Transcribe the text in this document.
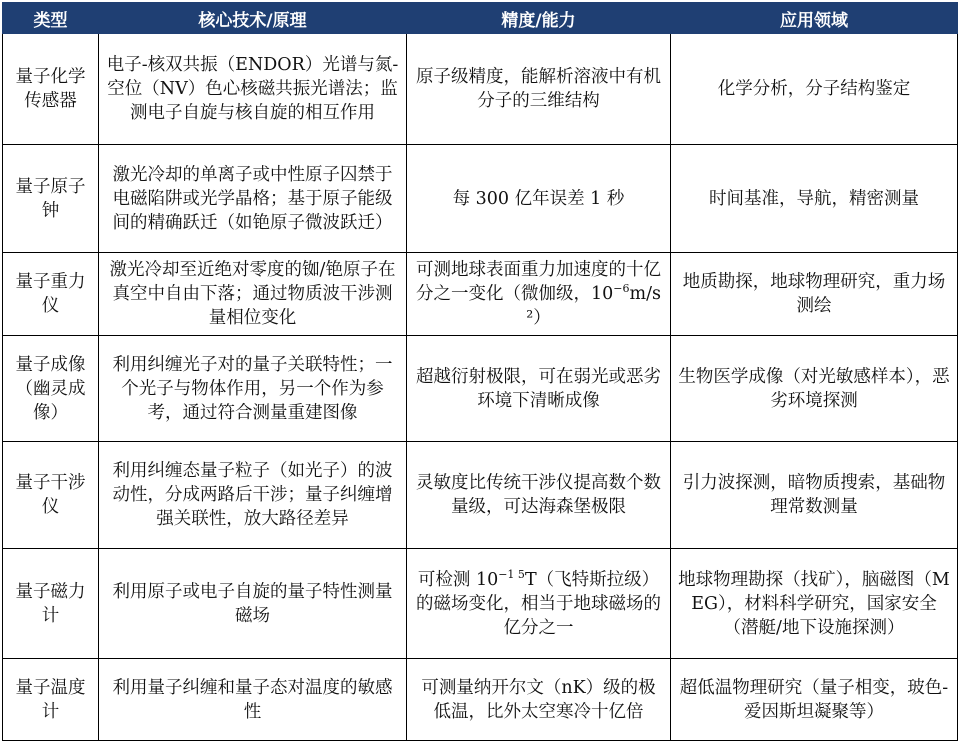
类型	核心技术/原理	精度/能力	应用领域
量子化学传感器	电子-核双共振（ENDOR）光谱与氮-空位（NV）色心核磁共振光谱法；监测电子自旋与核自旋的相互作用	原子级精度，能解析溶液中有机分子的三维结构	化学分析，分子结构鉴定
量子原子钟	激光冷却的单离子或中性原子囚禁于电磁陷阱或光学晶格；基于原子能级间的精确跃迁（如铯原子微波跃迁）	每 300 亿年误差 1 秒	时间基准，导航，精密测量
量子重力仪	激光冷却至近绝对零度的铷/铯原子在真空中自由下落；通过物质波干涉测量相位变化	可测地球表面重力加速度的十亿分之一变化（微伽级，$10^{-6}m/s^2$）	地质勘探，地球物理研究，重力场测绘
量子成像（幽灵成像）	利用纠缠光子对的量子关联特性；一个光子与物体作用，另一个作为参考，通过符合测量重建图像	超越衍射极限，可在弱光或恶劣环境下清晰成像	生物医学成像（对光敏感样本），恶劣环境探测
量子干涉仪	利用纠缠态量子粒子（如光子）的波动性，分成两路后干涉；量子纠缠增强关联性，放大路径差异	灵敏度比传统干涉仪提高数个数量级，可达海森堡极限	引力波探测，暗物质搜索，基础物理常数测量
量子磁力计	利用原子或电子自旋的量子特性测量磁场	可检测 $10^{-1 5}T$（飞特斯拉级）的磁场变化，相当于地球磁场的亿分之一	地球物理勘探（找矿），脑磁图（MEG），材料科学研究，国家安全（潜艇/地下设施探测）
量子温度计	利用量子纠缠和量子态对温度的敏感性	可测量纳开尔文（nK）级的极低温，比外太空寒冷十亿倍	超低温物理研究（量子相变，玻色-爱因斯坦凝聚等）
